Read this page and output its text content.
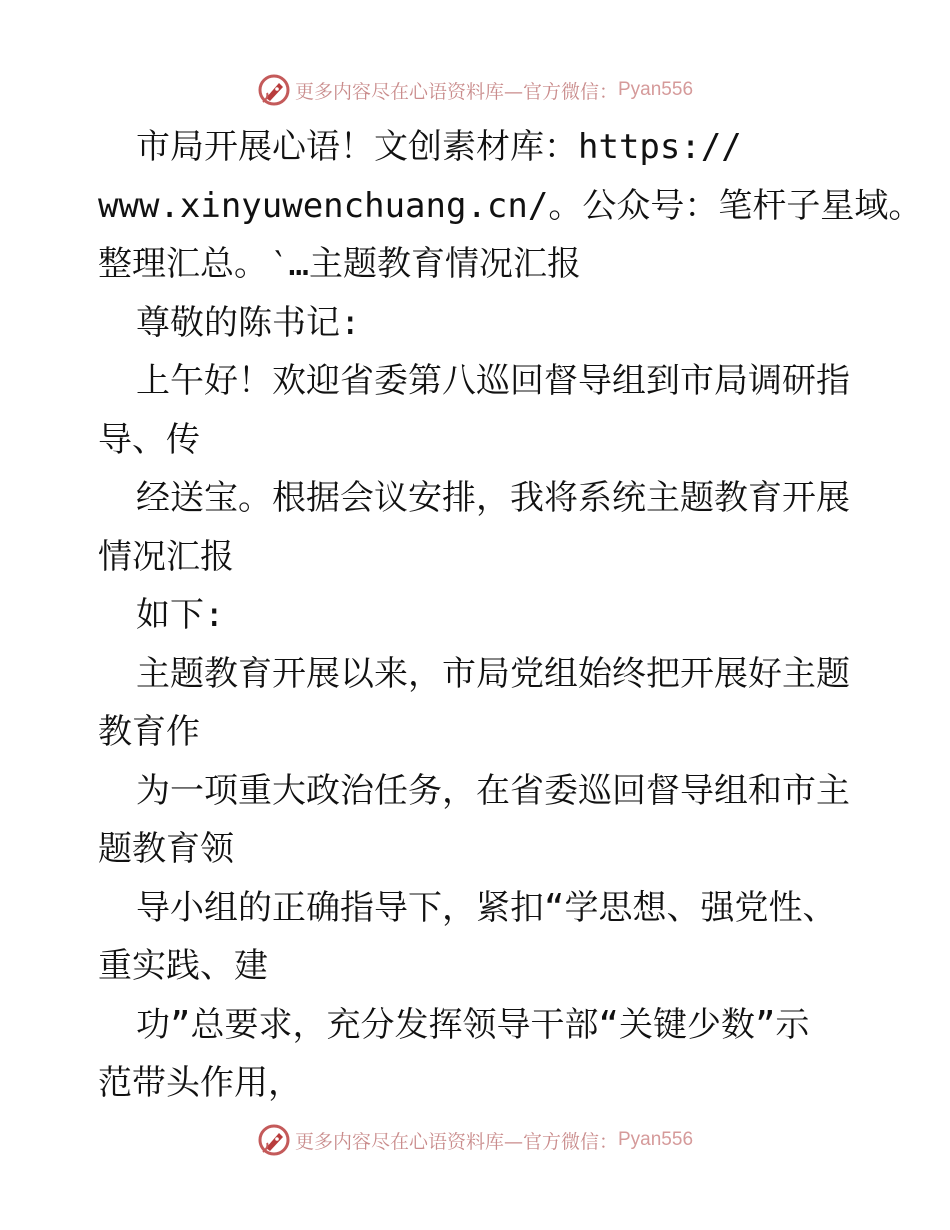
更多内容尽在心语资料库—官方微信： Pyan556
市局开展心语！文创素材库：https://
www.xinyuwenchuang.cn/。公众号：笔杆子星域。
整理汇总。‵…主题教育情况汇报
尊敬的陈书记:
上午好！欢迎省委第八巡回督导组到市局调研指
导、传
经送宝。根据会议安排，我将系统主题教育开展
情况汇报
如下:
主题教育开展以来，市局党组始终把开展好主题
教育作
为一项重大政治任务，在省委巡回督导组和市主
题教育领
导小组的正确指导下，紧扣“学思想、强党性、
重实践、建
功”总要求，充分发挥领导干部“关键少数”示
范带头作用，
更多内容尽在心语资料库—官方微信： Pyan556
